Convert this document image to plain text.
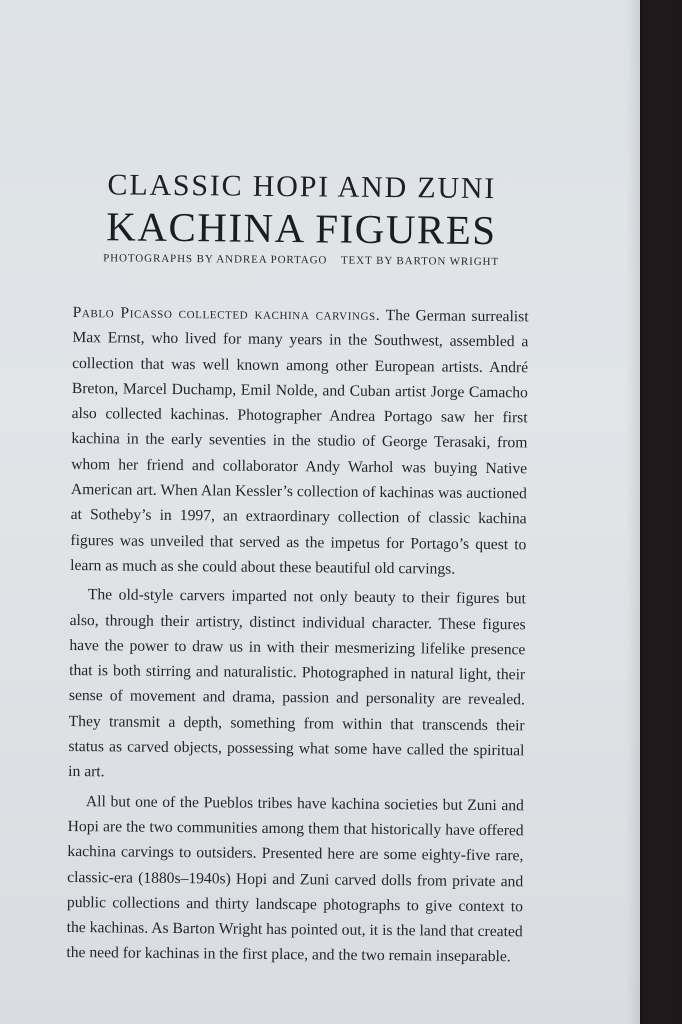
CLASSIC HOPI AND ZUNI
KACHINA FIGURES
PHOTOGRAPHS BY ANDREA PORTAGO TEXT BY BARTON WRIGHT

Pablo Picasso collected kachina carvings. The German surrealist Max Ernst, who lived for many years in the Southwest, assembled a collection that was well known among other European artists. André Breton, Marcel Duchamp, Emil Nolde, and Cuban artist Jorge Camacho also collected kachinas. Photographer Andrea Portago saw her first kachina in the early seventies in the studio of George Terasaki, from whom her friend and collaborator Andy Warhol was buying Native American art. When Alan Kessler’s collection of kachinas was auctioned at Sotheby’s in 1997, an extraordinary collection of classic kachina figures was unveiled that served as the impetus for Portago’s quest to learn as much as she could about these beautiful old carvings.

The old-style carvers imparted not only beauty to their figures but also, through their artistry, distinct individual character. These figures have the power to draw us in with their mesmerizing lifelike presence that is both stirring and naturalistic. Photographed in natural light, their sense of movement and drama, passion and personality are revealed. They transmit a depth, something from within that transcends their status as carved objects, possessing what some have called the spiritual in art.

All but one of the Pueblos tribes have kachina societies but Zuni and Hopi are the two communities among them that historically have offered kachina carvings to outsiders. Presented here are some eighty-five rare, classic-era (1880s–1940s) Hopi and Zuni carved dolls from private and public collections and thirty landscape photographs to give context to the kachinas. As Barton Wright has pointed out, it is the land that created the need for kachinas in the first place, and the two remain inseparable.
